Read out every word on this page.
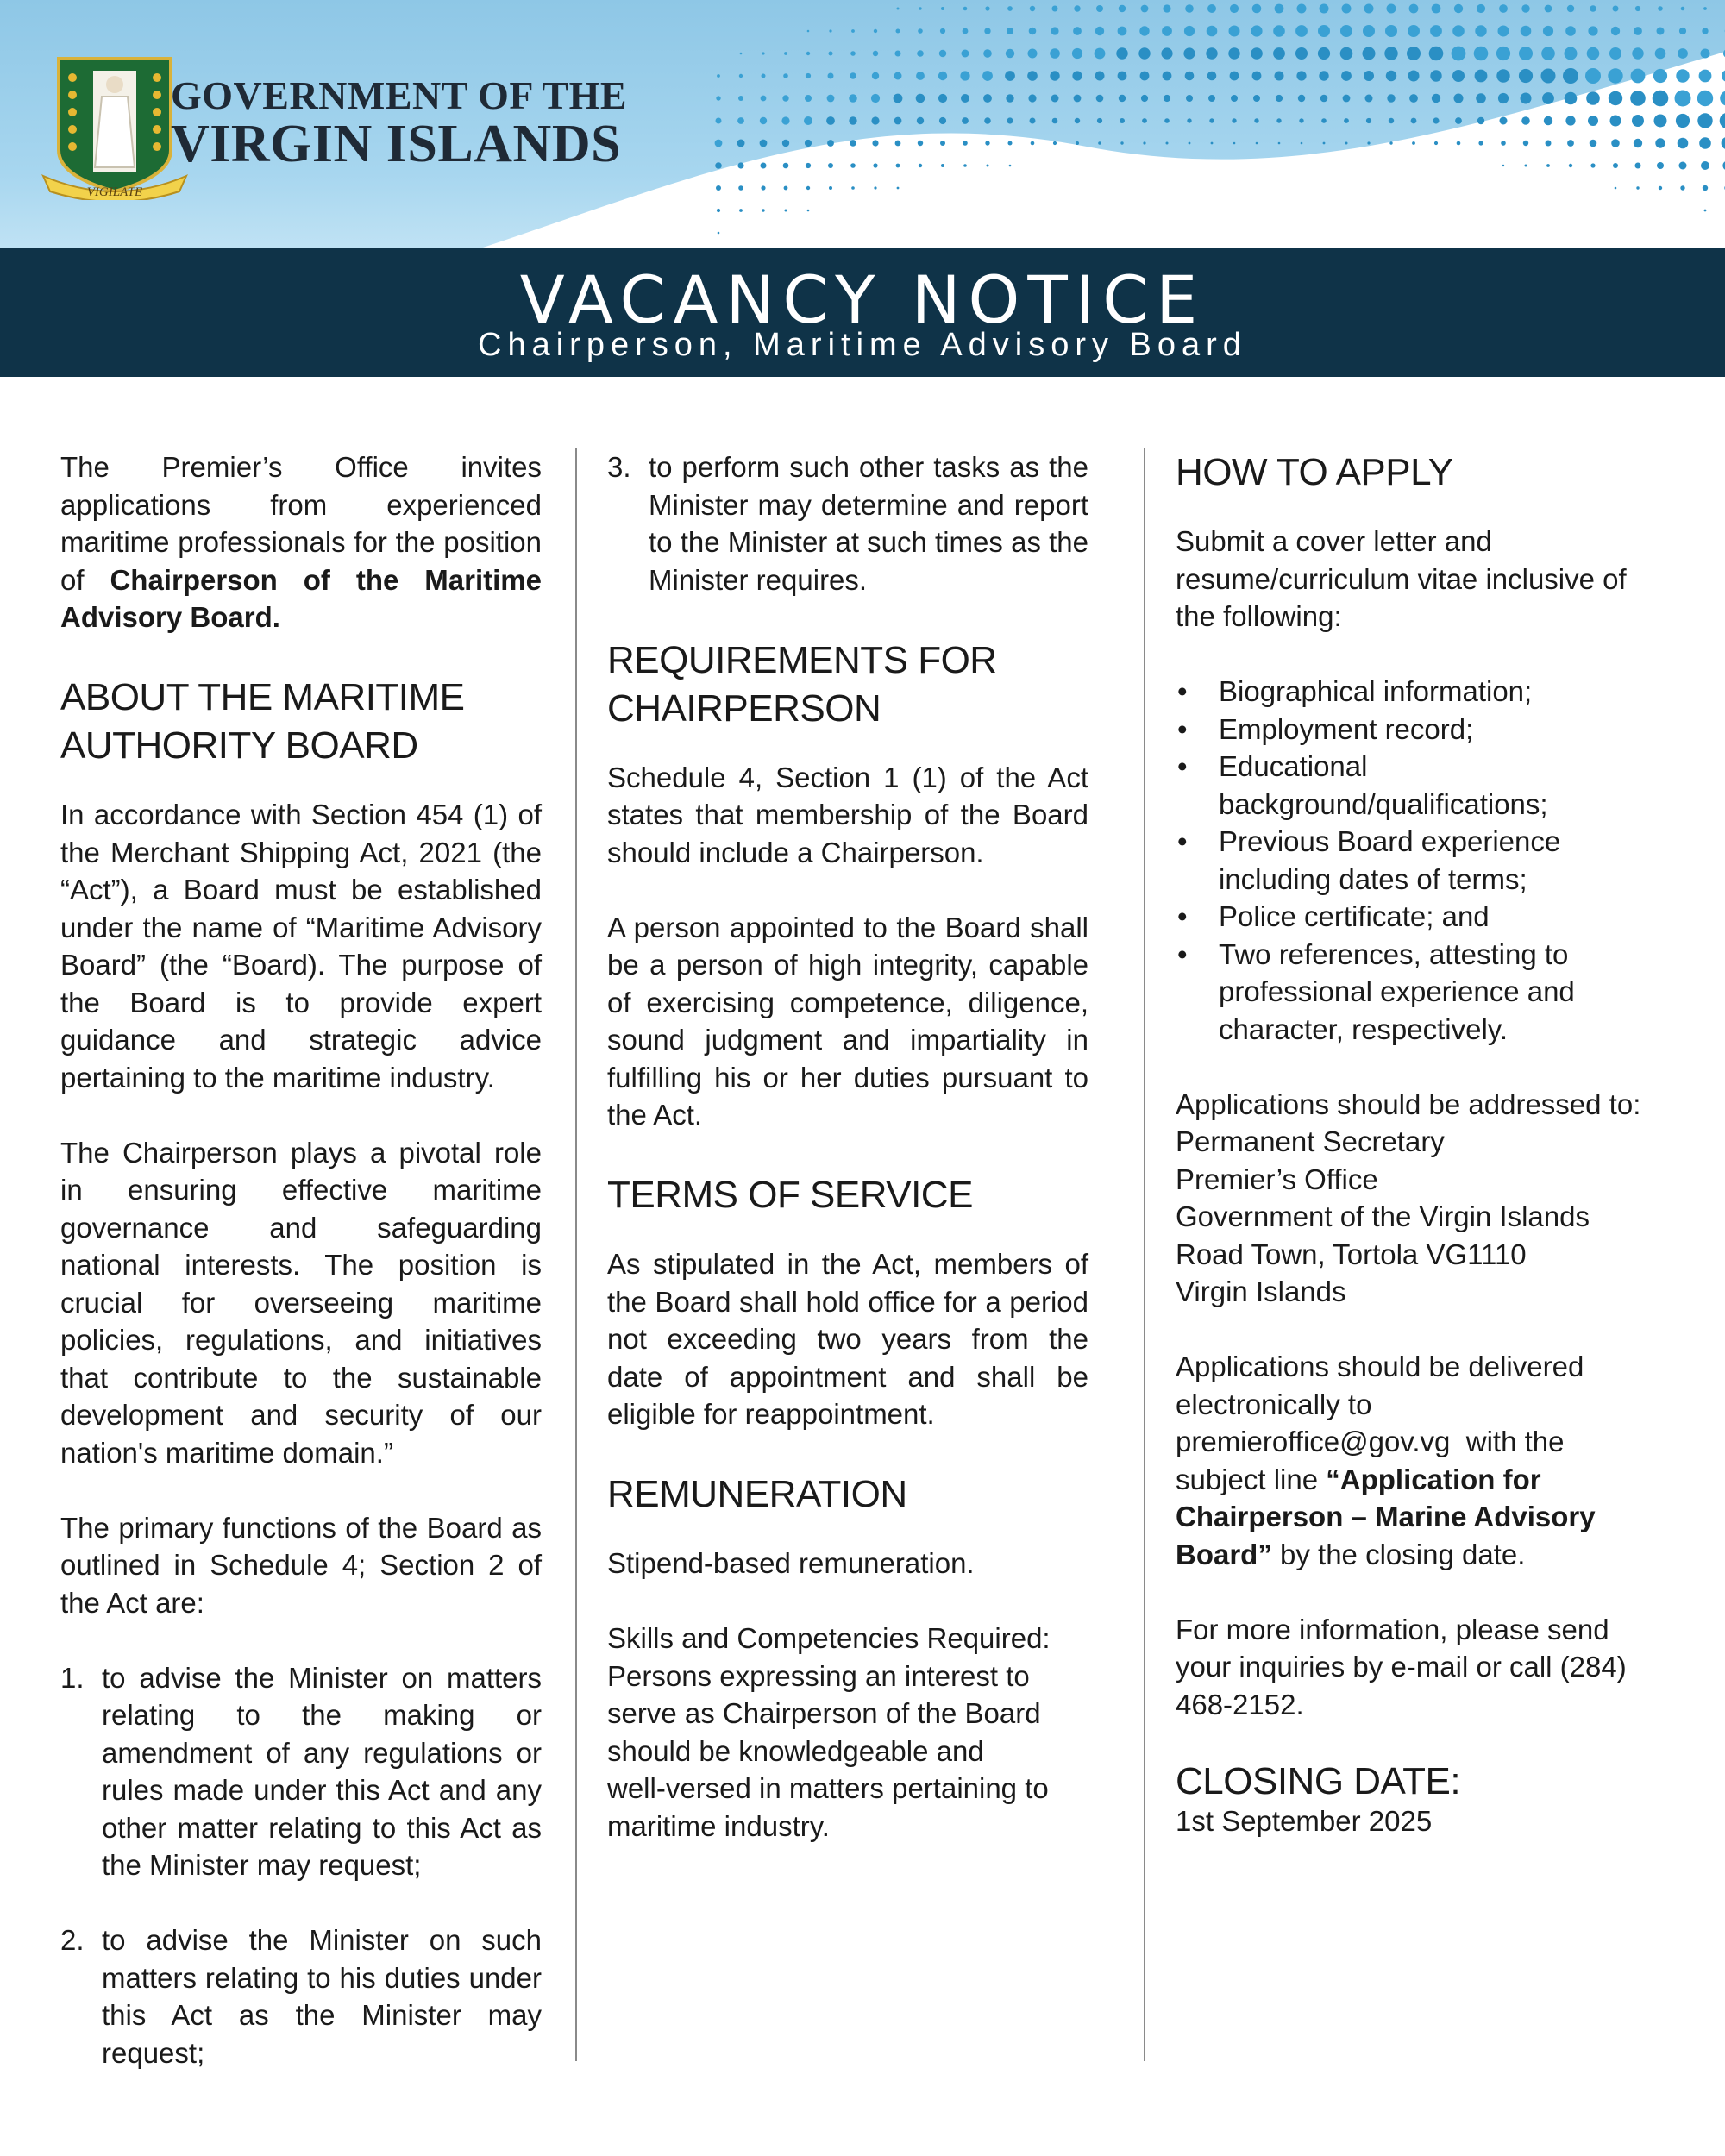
VIGILATE
GOVERNMENT OF THE
VIRGIN ISLANDS
VACANCY NOTICE
Chairperson, Maritime Advisory Board

The Premier’s Office invites applications from experienced maritime professionals for the position of Chairperson of the Maritime Advisory Board.

ABOUT THE MARITIME
AUTHORITY BOARD

In accordance with Section 454 (1) of the Merchant Shipping Act, 2021 (the “Act”), a Board must be established under the name of “Maritime Advisory Board” (the “Board). The purpose of the Board is to provide expert guidance and strategic advice pertaining to the maritime industry.

The Chairperson plays a pivotal role in ensuring effective maritime governance and safeguarding national interests. The position is crucial for overseeing maritime policies, regulations, and initiatives that contribute to the sustainable development and security of our nation's maritime domain.”

The primary functions of the Board as outlined in Schedule 4; Section 2 of the Act are:

1. to advise the Minister on matters relating to the making or amendment of any regulations or rules made under this Act and any other matter relating to this Act as the Minister may request;
2. to advise the Minister on such matters relating to his duties under this Act as the Minister may request;
3. to perform such other tasks as the Minister may determine and report to the Minister at such times as the Minister requires.
REQUIREMENTS FOR
CHAIRPERSON

Schedule 4, Section 1 (1) of the Act states that membership of the Board should include a Chairperson.

A person appointed to the Board shall be a person of high integrity, capable of exercising competence, diligence, sound judgment and impartiality in fulfilling his or her duties pursuant to the Act.

TERMS OF SERVICE

As stipulated in the Act, members of the Board shall hold office for a period not exceeding two years from the date of appointment and shall be eligible for reappointment.

REMUNERATION

Stipend-based remuneration.

Skills and Competencies Required:
Persons expressing an interest to
serve as Chairperson of the Board
should be knowledgeable and
well-versed in matters pertaining to
maritime industry.

HOW TO APPLY

Submit a cover letter and
resume/curriculum vitae inclusive of
the following:

• Biographical information;
• Employment record;
• Educational background/qualifications;
• Previous Board experience including dates of terms;
• Police certificate; and
• Two references, attesting to professional experience and character, respectively.

Applications should be addressed to:
Permanent Secretary
Premier’s Office
Government of the Virgin Islands
Road Town, Tortola VG1110
Virgin Islands

Applications should be delivered
electronically to
premieroffice@gov.vg  with the
subject line “Application for
Chairperson – Marine Advisory
Board” by the closing date.

For more information, please send
your inquiries by e-mail or call (284)
468-2152.

CLOSING DATE:

1st September 2025
